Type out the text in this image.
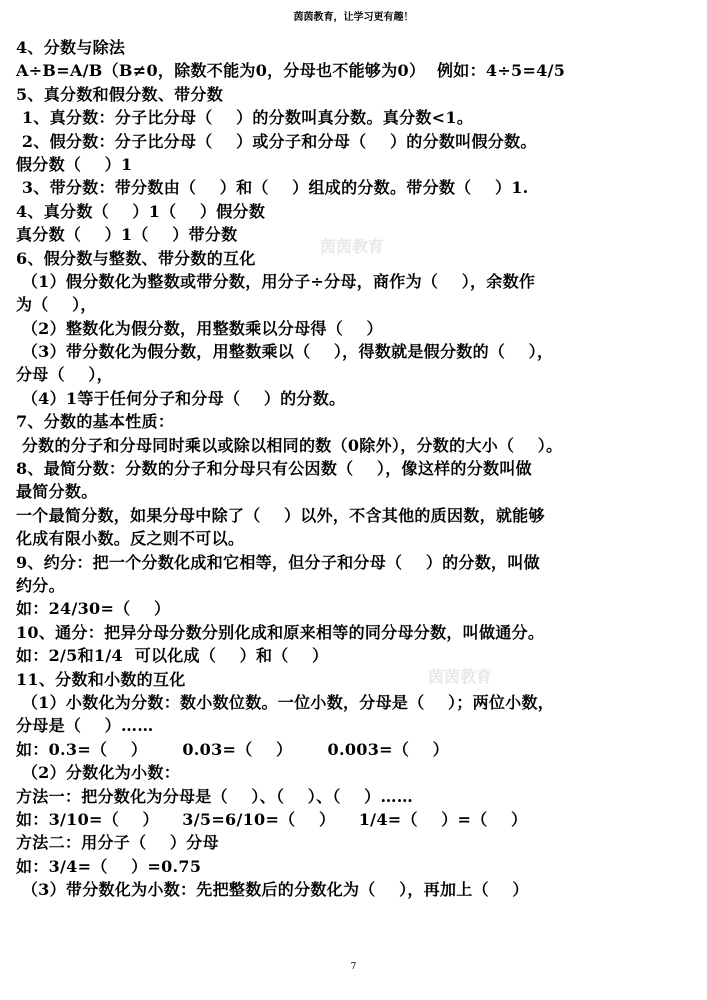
茵茵教育，让学习更有趣！
茵茵教育
茵茵教育
4、分数与除法
A÷B=A/B（B≠0，除数不能为0，分母也不能够为0）  例如：4÷5=4/5
5、真分数和假分数、带分数
1、真分数：分子比分母（    ）的分数叫真分数。真分数<1。
2、假分数：分子比分母（    ）或分子和分母（    ）的分数叫假分数。
假分数（    ）1
3、带分数：带分数由（    ）和（    ）组成的分数。带分数（    ）1.
4、真分数（    ）1（    ）假分数
真分数（    ）1（    ）带分数
6、假分数与整数、带分数的互化
（1）假分数化为整数或带分数，用分子÷分母，商作为（    ），余数作
为（    ），
（2）整数化为假分数，用整数乘以分母得（    ）
（3）带分数化为假分数，用整数乘以（    ），得数就是假分数的（    ），
分母（    ），
（4）1等于任何分子和分母（    ）的分数。
7、分数的基本性质：
分数的分子和分母同时乘以或除以相同的数（0除外），分数的大小（    ）。
8、最简分数：分数的分子和分母只有公因数（    ），像这样的分数叫做
最简分数。
一个最简分数，如果分母中除了（    ）以外，不含其他的质因数，就能够
化成有限小数。反之则不可以。
9、约分：把一个分数化成和它相等，但分子和分母（    ）的分数，叫做
约分。
如：24/30=（    ）
10、通分：把异分母分数分别化成和原来相等的同分母分数，叫做通分。
如：2/5和1/4  可以化成（    ）和（    ）
11、分数和小数的互化
（1）小数化为分数：数小数位数。一位小数，分母是（    ）；两位小数，
分母是（    ）……
如：0.3=（    ）      0.03=（    ）      0.003=（    ）
（2）分数化为小数：
方法一：把分数化为分母是（    ）、（    ）、（    ）……
如：3/10=（    ）    3/5=6/10=（    ）    1/4=（    ）=（    ）
方法二：用分子（    ）分母
如：3/4=（    ）=0.75
（3）带分数化为小数：先把整数后的分数化为（    ），再加上（    ）
7
